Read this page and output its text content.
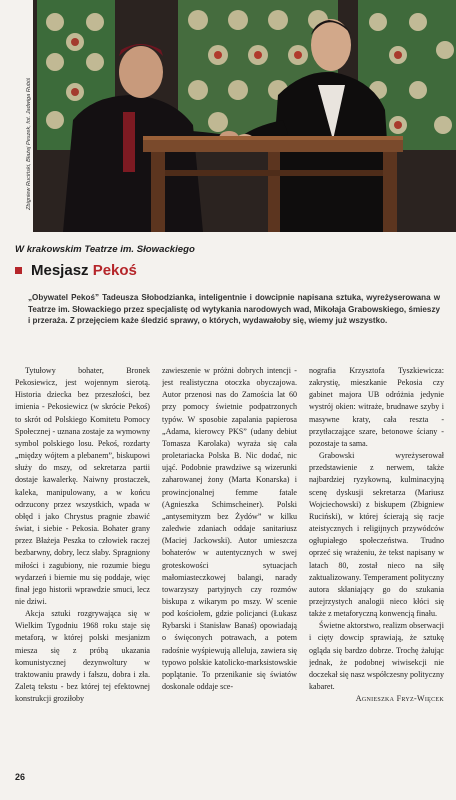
Zbigniew Ruciński, Błażej Peszek, fot. Jadwiga Rubiś
W krakowskim Teatrze im. Słowackiego
Mesjasz Pekoś
„Obywatel Pekoś” Tadeusza Słobodzianka, inteligentnie i dowcipnie napisana sztuka, wyreżyserowana w Teatrze im. Słowackiego przez specjalistę od wytykania narodowych wad, Mikołaja Grabowskiego, śmieszy i przeraża. Z przejęciem każe śledzić sprawy, o których, wydawałoby się, wiemy już wszystko.

Tytułowy bohater, Bronek Pekosiewicz, jest wojennym sierotą. Historia dziecka bez przeszłości, bez imienia - Pekosiewicz (w skrócie Pekoś) to skrót od Polskiego Komitetu Pomocy Społecznej - uznana zostaje za wymowny symbol polskiego losu. Pekoś, rozdarty „między wójtem a plebanem”, biskupowi służy do mszy, od sekretarza partii dostaje kawalerkę. Naiwny prostaczek, kaleka, manipulowany, a w końcu odrzucony przez wszystkich, wpada w obłęd i jako Chrystus pragnie zbawić świat, i siebie - Pekosia. Bohater grany przez Błażeja Peszka to człowiek raczej bezbarwny, dobry, lecz słaby. Spragniony miłości i zagubiony, nie rozumie biegu wydarzeń i biernie mu się poddaje, więc finał jego historii wprawdzie smuci, lecz nie dziwi.

Akcja sztuki rozgrywająca się w Wielkim Tygodniu 1968 roku staje się metaforą, w której polski mesjanizm miesza się z próbą ukazania komunistycznej dezynwoltury w traktowaniu prawdy i fałszu, dobra i zła. Zaletą tekstu - bez której tej efektownej konstrukcji groziłoby

zawieszenie w próżni dobrych intencji - jest realistyczna otoczka obyczajowa. Autor przenosi nas do Zamościa lat 60 przy pomocy świetnie podpatrzonych typów. W sposobie zapalania papierosa „Adama, kierowcy PKS” (udany debiut Tomasza Karolaka) wyraża się cała proletariacka Polska B. Nic dodać, nic ująć. Podobnie prawdziwe są wizerunki zaharowanej żony (Marta Konarska) i prowincjonalnej femme fatale (Agnieszka Schimscheiner). Polski „antysemityzm bez Żydów” w kilku zaledwie zdaniach oddaje sanitariusz (Maciej Jackowski). Autor umieszcza bohaterów w autentycznych w swej groteskowości sytuacjach małomiasteczkowej balangi, narady towarzyszy partyjnych czy rozmów biskupa z wikarym po mszy. W scenie pod kościołem, gdzie policjanci (Łukasz Rybarski i Stanisław Banaś) opowiadają o święconych potrawach, a potem radośnie wyśpiewują alleluja, zawiera się typowo polskie katolicko-marksistowskie poplątanie. To przenikanie się światów doskonale oddaje sce-

nografia Krzysztofa Tyszkiewicza: zakrystię, mieszkanie Pekosia czy gabinet majora UB odróżnia jedynie wystrój okien: witraże, brudnawe szyby i masywne kraty, cała reszta - przytłaczające szare, betonowe ściany - pozostaje ta sama.

Grabowski wyreżyserował przedstawienie z nerwem, także najbardziej ryzykowną, kulminacyjną scenę dyskusji sekretarza (Mariusz Wojciechowski) z biskupem (Zbigniew Ruciński), w której ścierają się racje ateistycznych i religijnych przywódców ogłupiałego społeczeństwa. Trudno oprzeć się wrażeniu, że tekst napisany w latach 80, został nieco na siłę zaktualizowany. Temperament polityczny autora skłaniający go do szukania przejrzystych analogii nieco kłóci się także z metaforyczną konwencją finału.

Świetne aktorstwo, realizm obserwacji i cięty dowcip sprawiają, że sztukę ogląda się bardzo dobrze. Trochę żałując jednak, że podobnej wiwisekcji nie doczekał się nasz współczesny polityczny kabaret.

Agnieszka Fryz-Więcek

26
